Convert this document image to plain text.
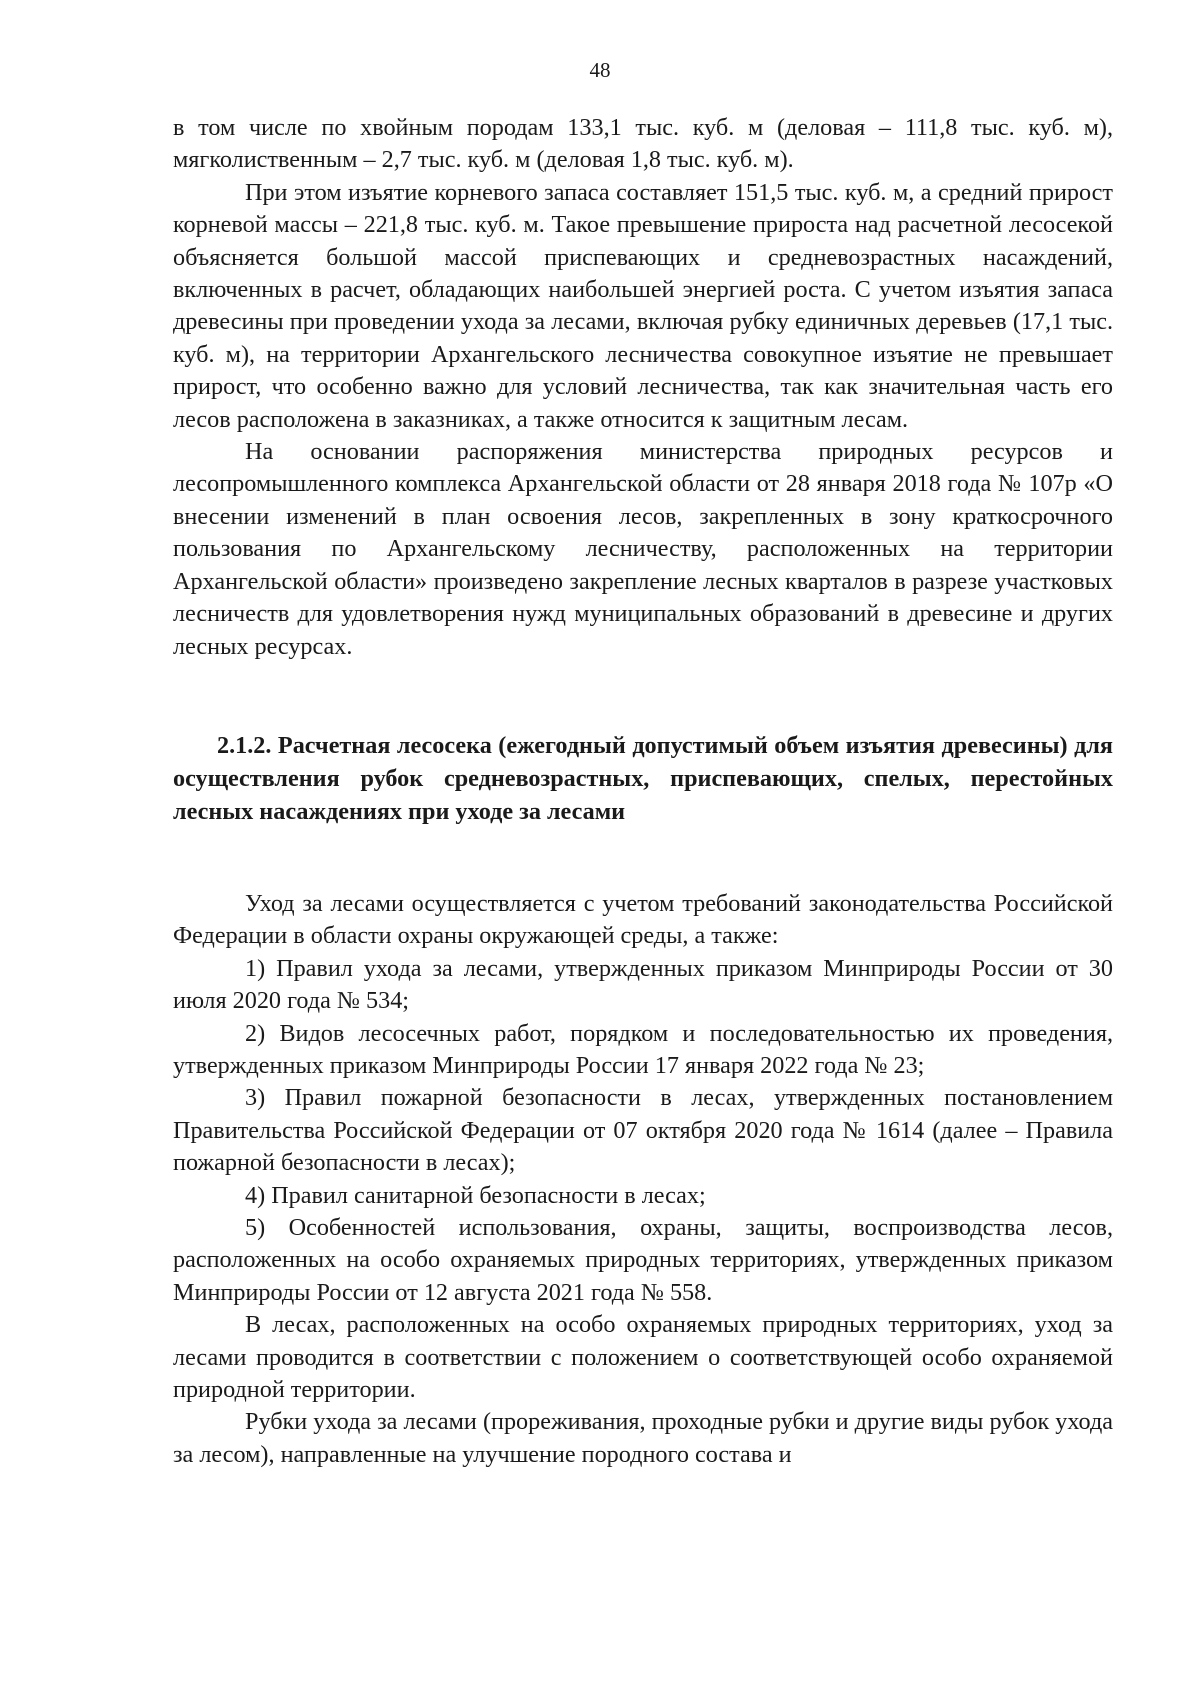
48

в том числе по хвойным породам 133,1 тыс. куб. м (деловая – 111,8 тыс. куб. м), мягколиственным – 2,7 тыс. куб. м (деловая 1,8 тыс. куб. м).

При этом изъятие корневого запаса составляет 151,5 тыс. куб. м, а средний прирост корневой массы – 221,8 тыс. куб. м. Такое превышение прироста над расчетной лесосекой объясняется большой массой приспевающих и средневозрастных насаждений, включенных в расчет, обладающих наибольшей энергией роста. С учетом изъятия запаса древесины при проведении ухода за лесами, включая рубку единичных деревьев (17,1 тыс. куб. м), на территории Архангельского лесничества совокупное изъятие не превышает прирост, что особенно важно для условий лесничества, так как значительная часть его лесов расположена в заказниках, а также относится к защитным лесам.

На основании распоряжения министерства природных ресурсов и лесопромышленного комплекса Архангельской области от 28 января 2018 года № 107р «О внесении изменений в план освоения лесов, закрепленных в зону краткосрочного пользования по Архангельскому лесничеству, расположенных на территории Архангельской области» произведено закрепление лесных кварталов в разрезе участковых лесничеств для удовлетворения нужд муниципальных образований в древесине и других лесных ресурсах.

2.1.2. Расчетная лесосека (ежегодный допустимый объем изъятия древесины) для осуществления рубок средневозрастных, приспевающих, спелых, перестойных лесных насаждениях при уходе за лесами

Уход за лесами осуществляется с учетом требований законодательства Российской Федерации в области охраны окружающей среды, а также:

1) Правил ухода за лесами, утвержденных приказом Минприроды России от 30 июля 2020 года № 534;

2) Видов лесосечных работ, порядком и последовательностью их проведения, утвержденных приказом Минприроды России 17 января 2022 года № 23;

3) Правил пожарной безопасности в лесах, утвержденных постановлением Правительства Российской Федерации от 07 октября 2020 года № 1614 (далее – Правила пожарной безопасности в лесах);

4) Правил санитарной безопасности в лесах;

5) Особенностей использования, охраны, защиты, воспроизводства лесов, расположенных на особо охраняемых природных территориях, утвержденных приказом Минприроды России от 12 августа 2021 года № 558.

В лесах, расположенных на особо охраняемых природных территориях, уход за лесами проводится в соответствии с положением о соответствующей особо охраняемой природной территории.

Рубки ухода за лесами (прореживания, проходные рубки и другие виды рубок ухода за лесом), направленные на улучшение породного состава и
